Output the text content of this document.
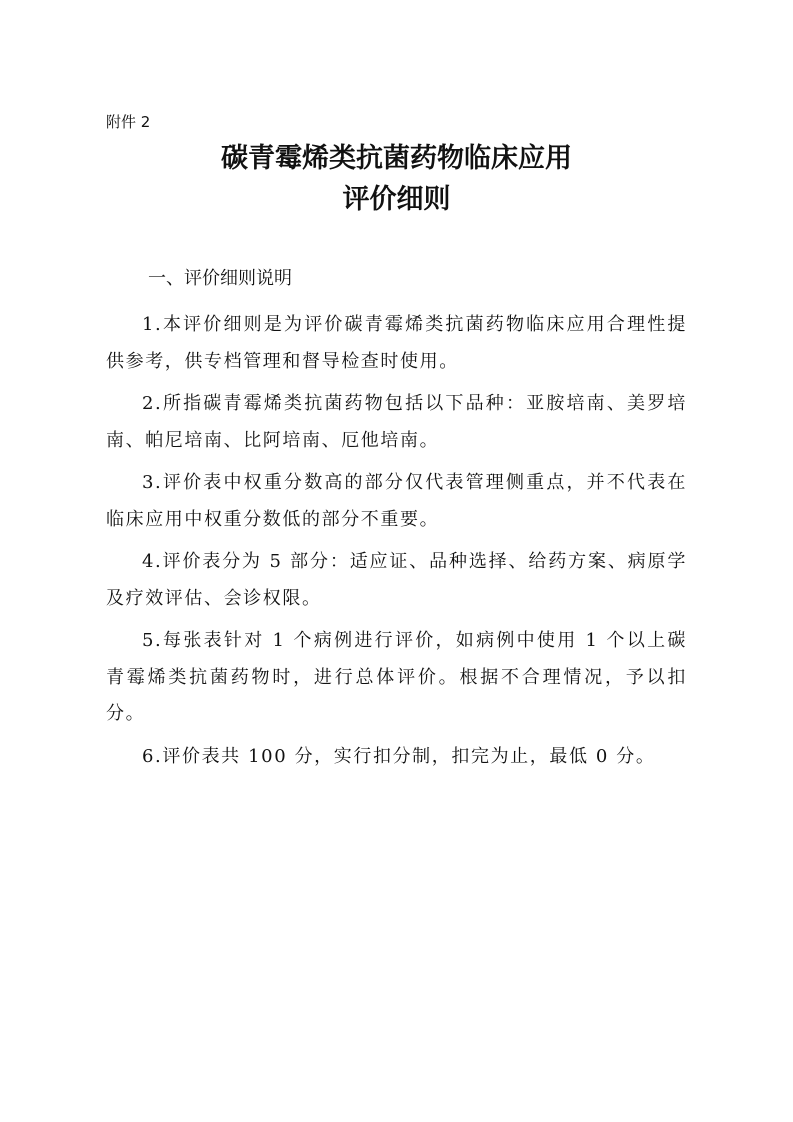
附件 2
碳青霉烯类抗菌药物临床应用
评价细则
一、评价细则说明

1.本评价细则是为评价碳青霉烯类抗菌药物临床应用合理性提供参考，供专档管理和督导检查时使用。

2.所指碳青霉烯类抗菌药物包括以下品种：亚胺培南、美罗培南、帕尼培南、比阿培南、厄他培南。

3.评价表中权重分数高的部分仅代表管理侧重点，并不代表在临床应用中权重分数低的部分不重要。

4.评价表分为 5 部分：适应证、品种选择、给药方案、病原学及疗效评估、会诊权限。

5.每张表针对 1 个病例进行评价，如病例中使用 1 个以上碳青霉烯类抗菌药物时，进行总体评价。根据不合理情况，予以扣分。

6.评价表共 100 分，实行扣分制，扣完为止，最低 0 分。
